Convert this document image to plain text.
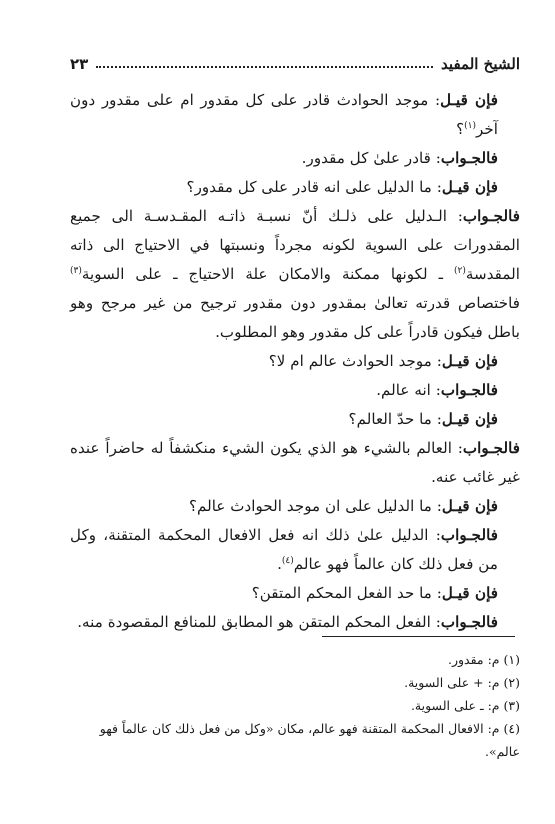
الشيخ المفيد
٢٣

فإن قيـل: موجد الحوادث قادر على كل مقدور ام على مقدور دون آخر$^{(١)}$؟

فالجـواب: قادر علىٰ كل مقدور.

فإن قيـل: ما الدليل على انه قادر على كل مقدور؟

فالجـواب: الـدليل على ذلـك أنّ نسبـة ذاتـه المقـدسـة الى جميع المقدورات على السوية لكونه مجرداً ونسبتها في الاحتياج الى ذاته المقدسة$^{(٢)}$ ـ لكونها ممكنة والامكان علة الاحتياج ـ على السوية$^{(٣)}$ فاختصاص قدرته تعالىٰ بمقدور دون مقدور ترجيح من غير مرجح وهو باطل فيكون قادراً على كل مقدور وهو المطلوب.

فإن قيـل: موجد الحوادث عالم ام لا؟

فالجـواب: انه عالم.

فإن قيـل: ما حدّ العالم؟

فالجـواب: العالم بالشيء هو الذي يكون الشيء منكشفاً له حاضراً عنده غير غائب عنه.

فإن قيـل: ما الدليل على ان موجد الحوادث عالم؟

فالجـواب: الدليل علىٰ ذلك انه فعل الافعال المحكمة المتقنة، وكل من فعل ذلك كان عالماً فهو عالم$^{(٤)}$.

فإن قيـل: ما حد الفعل المحكم المتقن؟

فالجـواب: الفعل المحكم المتقن هو المطابق للمنافع المقصودة منه.

(١) م: مقدور.

(٢) م: + على السوية.

(٣) م: ـ على السوية.

(٤) م: الافعال المحكمة المتقنة فهو عالم، مكان «وكل من فعل ذلك كان عالماً فهو عالم».
